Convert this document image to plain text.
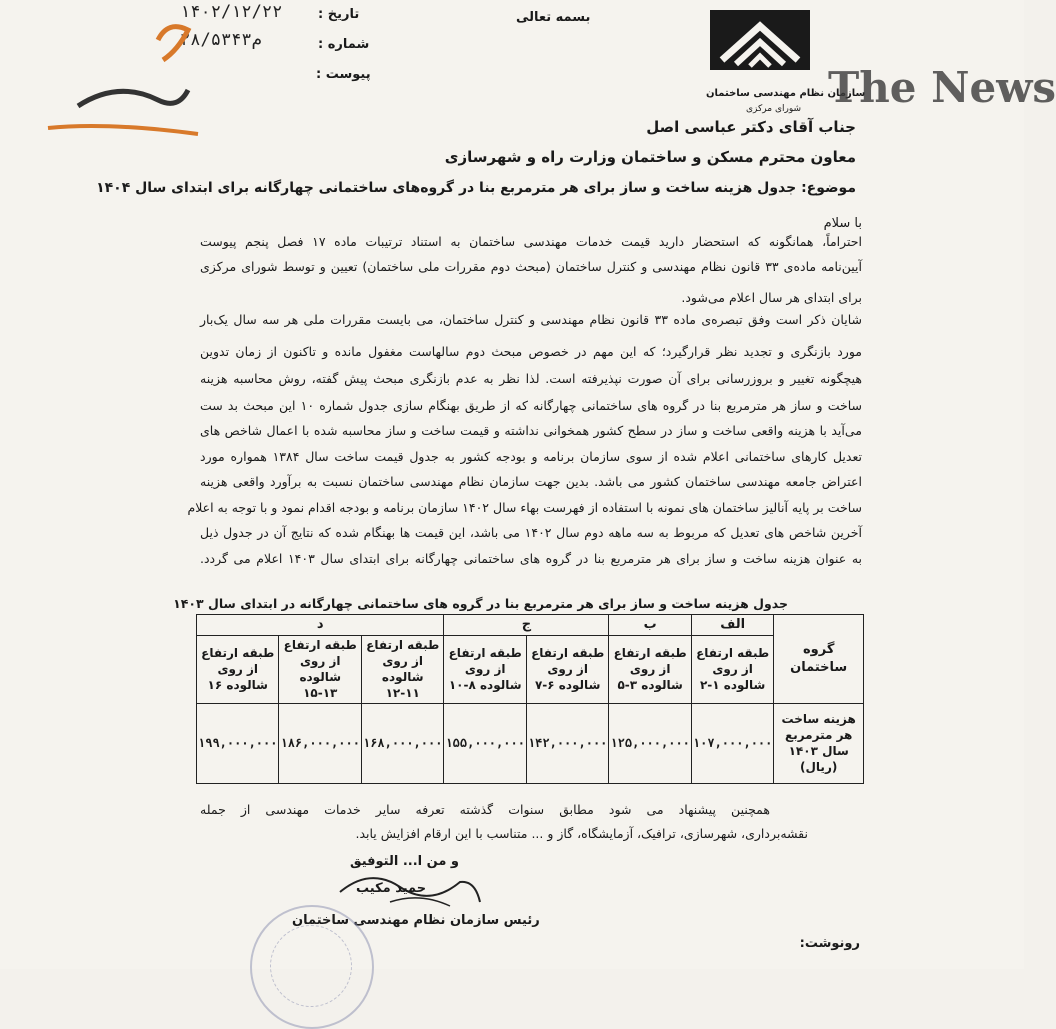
تاریخ :
۱۴۰۲/۱۲/۲۲
شماره :
۲۸/۵۳۴۳م
پیوست :
بسمه تعالی
سازمان نظام مهندسی ساختمان
شورای مرکزی The News
جناب آقای دکتر عباسی اصل
معاون محترم مسکن و ساختمان وزارت راه و شهرسازی
موضوع: جدول هزینه ساخت و ساز برای هر مترمربع بنا در گروه‌های ساختمانی چهارگانه برای ابتدای سال ۱۴۰۴
با سلام
احتراماً، همانگونه که استحضار دارید قیمت خدمات مهندسی ساختمان به استناد ترتیبات ماده ۱۷ فصل پنجم پیوست
آیین‌نامه ماده‌ی ۳۳ قانون نظام مهندسی و کنترل ساختمان (مبحث دوم مقررات ملی ساختمان) تعیین و توسط شورای مرکزی
برای ابتدای هر سال اعلام می‌شود.
شایان ذکر است وفق تبصره‌ی ماده ۳۳ قانون نظام مهندسی و کنترل ساختمان، می بایست مقررات ملی هر سه سال یک‌بار
مورد بازنگری و تجدید نظر قرار‌گیرد؛ که این مهم در خصوص مبحث دوم سالهاست مغفول مانده و تاکنون از زمان تدوین
هیچگونه تغییر و بروزرسانی برای آن صورت نپذیرفته است. لذا نظر به عدم بازنگری مبحث پیش گفته، روش محاسبه هزینه
ساخت و ساز هر مترمربع بنا در گروه های ساختمانی چهارگانه که از طریق بهنگام سازی جدول شماره ۱۰ این مبحث بد ست
می‌آید با هزینه واقعی ساخت و ساز در سطح کشور همخوانی نداشته و قیمت ساخت و ساز محاسبه شده با اعمال شاخص های
تعدیل کارهای ساختمانی اعلام شده از سوی سازمان برنامه و بودجه کشور به جدول قیمت ساخت سال ۱۳۸۴ همواره مورد
اعتراض جامعه مهندسی ساختمان کشور می باشد. بدین جهت سازمان نظام مهندسی ساختمان نسبت به برآورد واقعی هزینه
ساخت بر پایه آنالیز ساختمان های نمونه با استفاده از فهرست بهاء سال ۱۴۰۲ سازمان برنامه و بودجه اقدام نمود و با توجه به اعلام
آخرین شاخص های تعدیل که مربوط به سه ماهه دوم سال ۱۴۰۲ می باشد، این قیمت ها بهنگام شده که نتایج آن در جدول ذیل
به عنوان هزینه ساخت و ساز برای هر مترمربع بنا در گروه های ساختمانی چهارگانه برای ابتدای سال ۱۴۰۳ اعلام می گردد.
جدول هزینه ساخت و ساز برای هر مترمربع بنا در گروه های ساختمانی چهارگانه در ابتدای سال ۱۴۰۳
گروه ساختمان	الف	ب	ج		د		
	طبقه ارتفاع از روی شالوده ۱-۲	طبقه ارتفاع از روی شالوده ۳-۵	طبقه ارتفاع از روی شالوده ۶-۷	طبقه ارتفاع از روی شالوده ۸-۱۰	طبقه ارتفاع از روی شالوده ۱۱-۱۲	طبقه ارتفاع از روی شالوده ۱۳-۱۵	طبقه ارتفاع از روی شالوده ۱۶
هزینه ساخت هر مترمربع سال ۱۴۰۳ (ریال)	۱۰۷,۰۰۰,۰۰۰	۱۲۵,۰۰۰,۰۰۰	۱۴۲,۰۰۰,۰۰۰	۱۵۵,۰۰۰,۰۰۰	۱۶۸,۰۰۰,۰۰۰	۱۸۶,۰۰۰,۰۰۰	۱۹۹,۰۰۰,۰۰۰
همچنین پیشنهاد می شود مطابق سنوات گذشته تعرفه سایر خدمات مهندسی از جمله
نقشه‌برداری، شهرسازی، ترافیک، آزمایشگاه، گاز و ... متناسب با این ارقام افزایش یابد.
و من ا... التوفیق
حمید مکیب
رئیس سازمان نظام مهندسی ساختمان
رونوشت:
